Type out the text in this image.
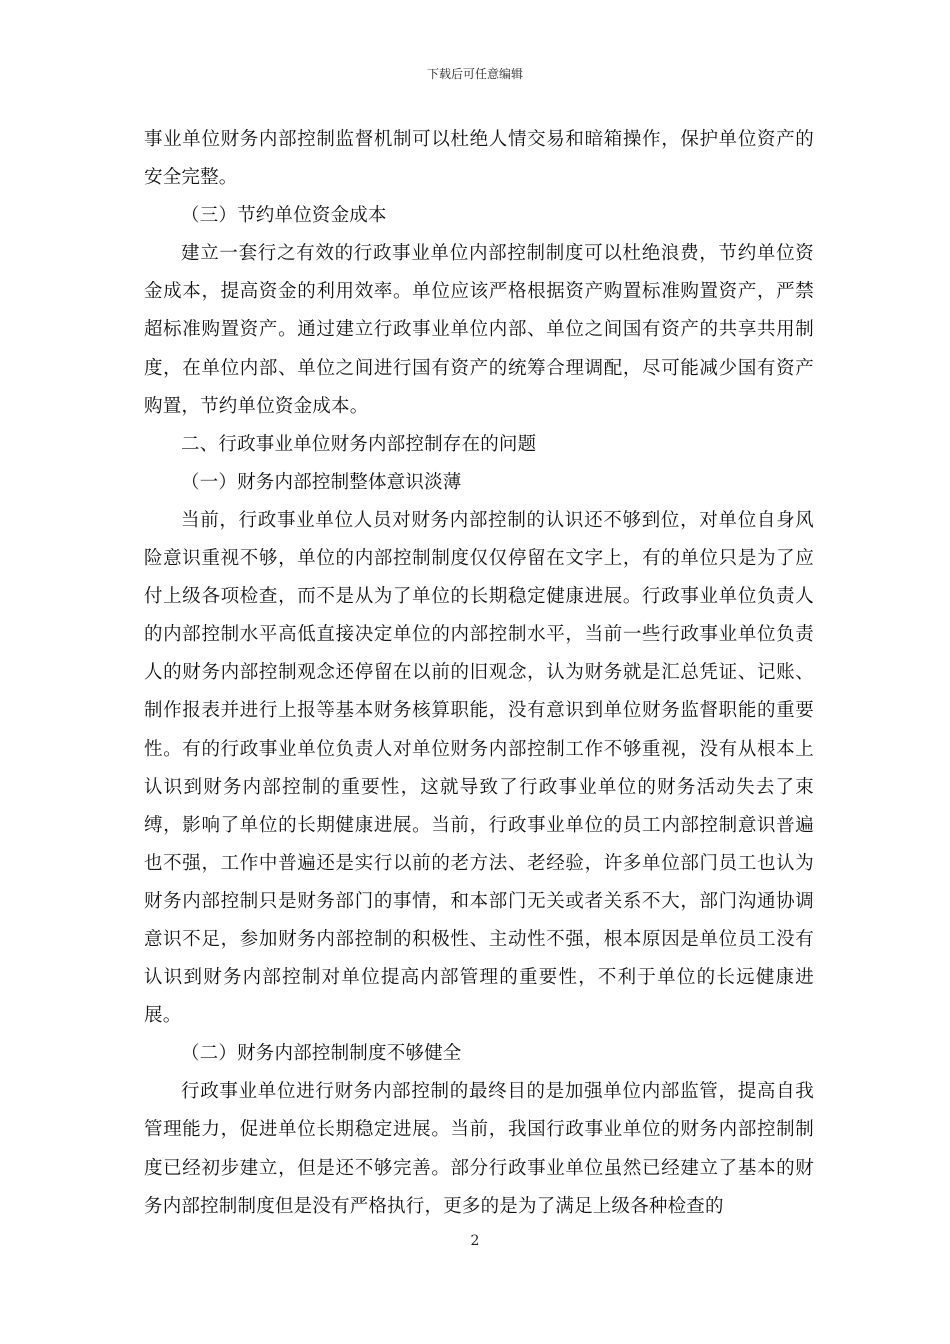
下载后可任意编辑

事业单位财务内部控制监督机制可以杜绝人情交易和暗箱操作，保护单位资产的安全完整。

（三）节约单位资金成本

建立一套行之有效的行政事业单位内部控制制度可以杜绝浪费，节约单位资金成本，提高资金的利用效率。单位应该严格根据资产购置标准购置资产，严禁超标准购置资产。通过建立行政事业单位内部、单位之间国有资产的共享共用制度，在单位内部、单位之间进行国有资产的统筹合理调配，尽可能减少国有资产购置，节约单位资金成本。

二、行政事业单位财务内部控制存在的问题

（一）财务内部控制整体意识淡薄

当前，行政事业单位人员对财务内部控制的认识还不够到位，对单位自身风险意识重视不够，单位的内部控制制度仅仅停留在文字上，有的单位只是为了应付上级各项检查，而不是从为了单位的长期稳定健康进展。行政事业单位负责人的内部控制水平高低直接决定单位的内部控制水平，当前一些行政事业单位负责人的财务内部控制观念还停留在以前的旧观念，认为财务就是汇总凭证、记账、制作报表并进行上报等基本财务核算职能，没有意识到单位财务监督职能的重要性。有的行政事业单位负责人对单位财务内部控制工作不够重视，没有从根本上认识到财务内部控制的重要性，这就导致了行政事业单位的财务活动失去了束缚，影响了单位的长期健康进展。当前，行政事业单位的员工内部控制意识普遍也不强，工作中普遍还是实行以前的老方法、老经验，许多单位部门员工也认为财务内部控制只是财务部门的事情，和本部门无关或者关系不大，部门沟通协调意识不足，参加财务内部控制的积极性、主动性不强，根本原因是单位员工没有认识到财务内部控制对单位提高内部管理的重要性，不利于单位的长远健康进展。

（二）财务内部控制制度不够健全

行政事业单位进行财务内部控制的最终目的是加强单位内部监管，提高自我管理能力，促进单位长期稳定进展。当前，我国行政事业单位的财务内部控制制度已经初步建立，但是还不够完善。部分行政事业单位虽然已经建立了基本的财务内部控制制度但是没有严格执行，更多的是为了满足上级各种检查的

2
